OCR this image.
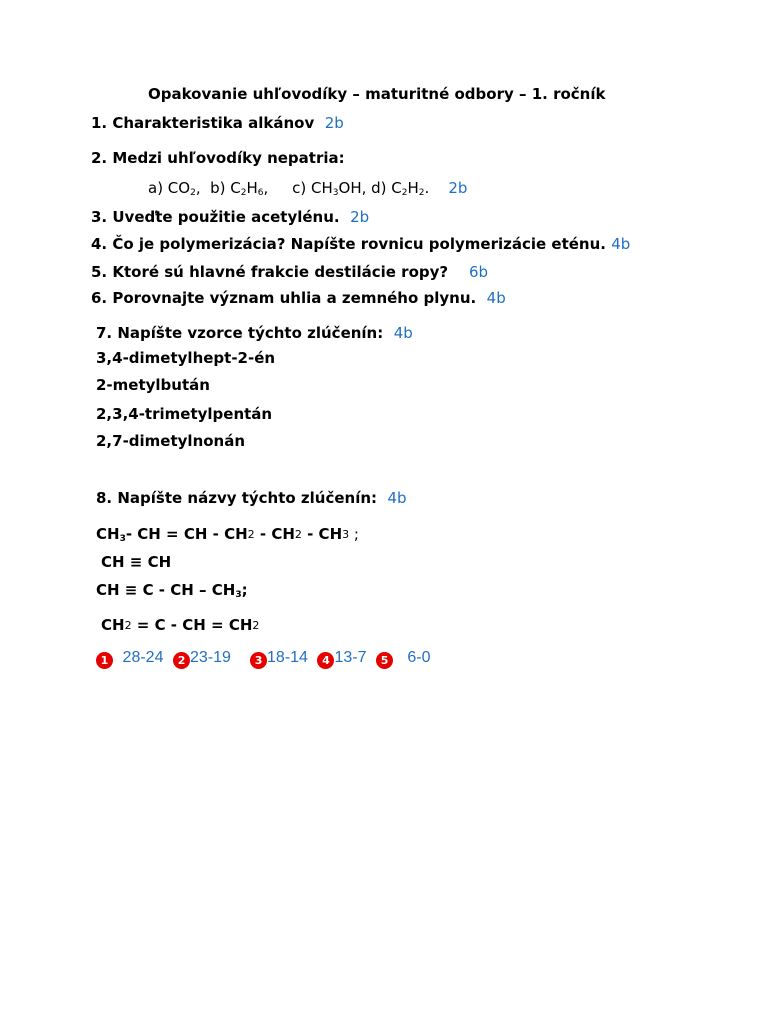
Opakovanie uhľovodíky – maturitné odbory – 1. ročník
1. Charakteristika alkánov 2b
2. Medzi uhľovodíky nepatria:
a) $CO_2$, b) $C_2H_6$, c) $CH_3OH$, d) $C_2H_2$. 2b
3. Uveďte použitie acetylénu. 2b
4. Čo je polymerizácia? Napíšte rovnicu polymerizácie eténu. 4b
5. Ktoré sú hlavné frakcie destilácie ropy? 6b
6. Porovnajte význam uhlia a zemného plynu. 4b
7. Napíšte vzorce týchto zlúčenín: 4b
3,4-dimetylhept-2-én
2-metylbután
2,3,4-trimetylpentán
2,7-dimetylnonán
8. Napíšte názvy týchto zlúčenín: 4b
$CH_3-$ CH = CH - CH2 - CH2 - CH3 ;
CH ≡ CH
CH ≡ C - CH – $CH_3$;
CH2 = C - CH = CH2
1 28-24 2 23-19 3 18-14 4 13-7 5 6-0
